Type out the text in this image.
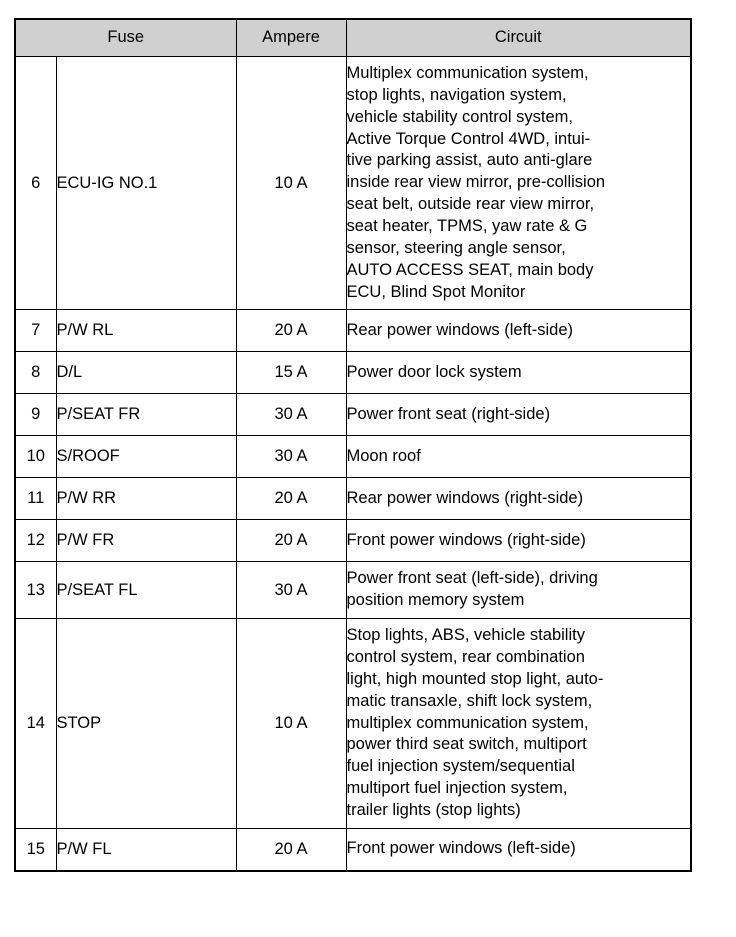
Fuse		Ampere	Circuit
6	ECU-IG NO.1	10 A	
Multiplex communication system,
stop lights, navigation system,
vehicle stability control system,
Active Torque Control 4WD, intui-
tive parking assist, auto anti-glare
inside rear view mirror, pre-collision
seat belt, outside rear view mirror,
seat heater, TPMS, yaw rate & G
sensor, steering angle sensor,
AUTO ACCESS SEAT, main body
ECU, Blind Spot Monitor

7	P/W RL	20 A	Rear power windows (left-side)

8	D/L	15 A	Power door lock system

9	P/SEAT FR	30 A	Power front seat (right-side)

10	S/ROOF	30 A	Moon roof

11	P/W RR	20 A	Rear power windows (right-side)

12	P/W FR	20 A	Front power windows (right-side)

13	P/SEAT FL	30 A	Power front seat (left-side), driving
position memory system

14	STOP	10 A	
Stop lights, ABS, vehicle stability
control system, rear combination
light, high mounted stop light, auto-
matic transaxle, shift lock system,
multiplex communication system,
power third seat switch, multiport
fuel injection system/sequential
multiport fuel injection system,
trailer lights (stop lights)

15	P/W FL	20 A	Front power windows (left-side)
